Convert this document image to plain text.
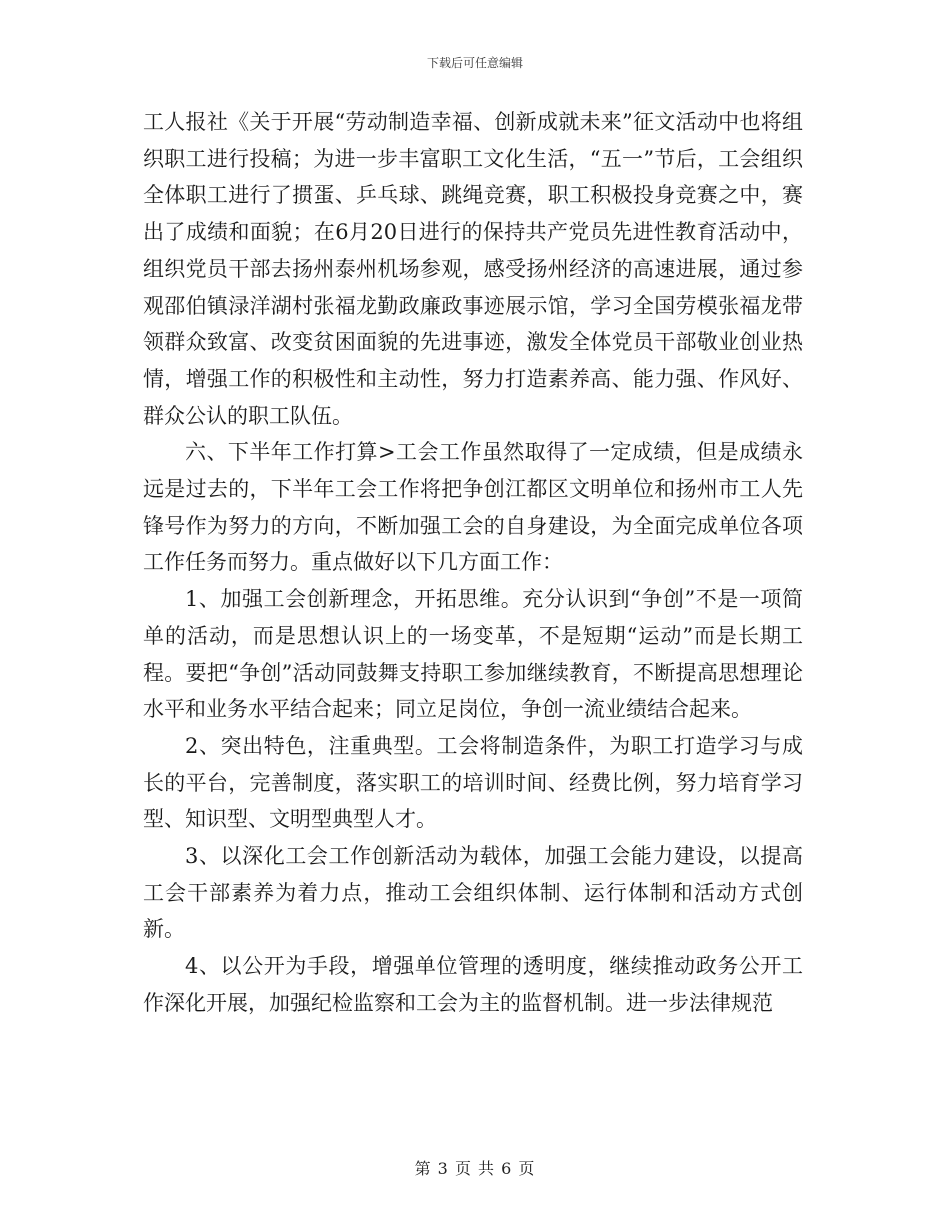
下载后可任意编辑

工人报社《关于开展“劳动制造幸福、创新成就未来”征文活动中也将组织职工进行投稿；为进一步丰富职工文化生活，“五一”节后，工会组织全体职工进行了掼蛋、乒乓球、跳绳竞赛，职工积极投身竞赛之中，赛出了成绩和面貌；在6月20日进行的保持共产党员先进性教育活动中，组织党员干部去扬州泰州机场参观，感受扬州经济的高速进展，通过参观邵伯镇渌洋湖村张福龙勤政廉政事迹展示馆，学习全国劳模张福龙带领群众致富、改变贫困面貌的先进事迹，激发全体党员干部敬业创业热情，增强工作的积极性和主动性，努力打造素养高、能力强、作风好、群众公认的职工队伍。

六、下半年工作打算>工会工作虽然取得了一定成绩，但是成绩永远是过去的，下半年工会工作将把争创江都区文明单位和扬州市工人先锋号作为努力的方向，不断加强工会的自身建设，为全面完成单位各项工作任务而努力。重点做好以下几方面工作：

1、加强工会创新理念，开拓思维。充分认识到“争创”不是一项简单的活动，而是思想认识上的一场变革，不是短期“运动”而是长期工程。要把“争创”活动同鼓舞支持职工参加继续教育，不断提高思想理论水平和业务水平结合起来；同立足岗位，争创一流业绩结合起来。

2、突出特色，注重典型。工会将制造条件，为职工打造学习与成长的平台，完善制度，落实职工的培训时间、经费比例，努力培育学习型、知识型、文明型典型人才。

3、以深化工会工作创新活动为载体，加强工会能力建设，以提高工会干部素养为着力点，推动工会组织体制、运行体制和活动方式创新。

4、以公开为手段，增强单位管理的透明度，继续推动政务公开工作深化开展，加强纪检监察和工会为主的监督机制。进一步法律规范

第 3 页 共 6 页
